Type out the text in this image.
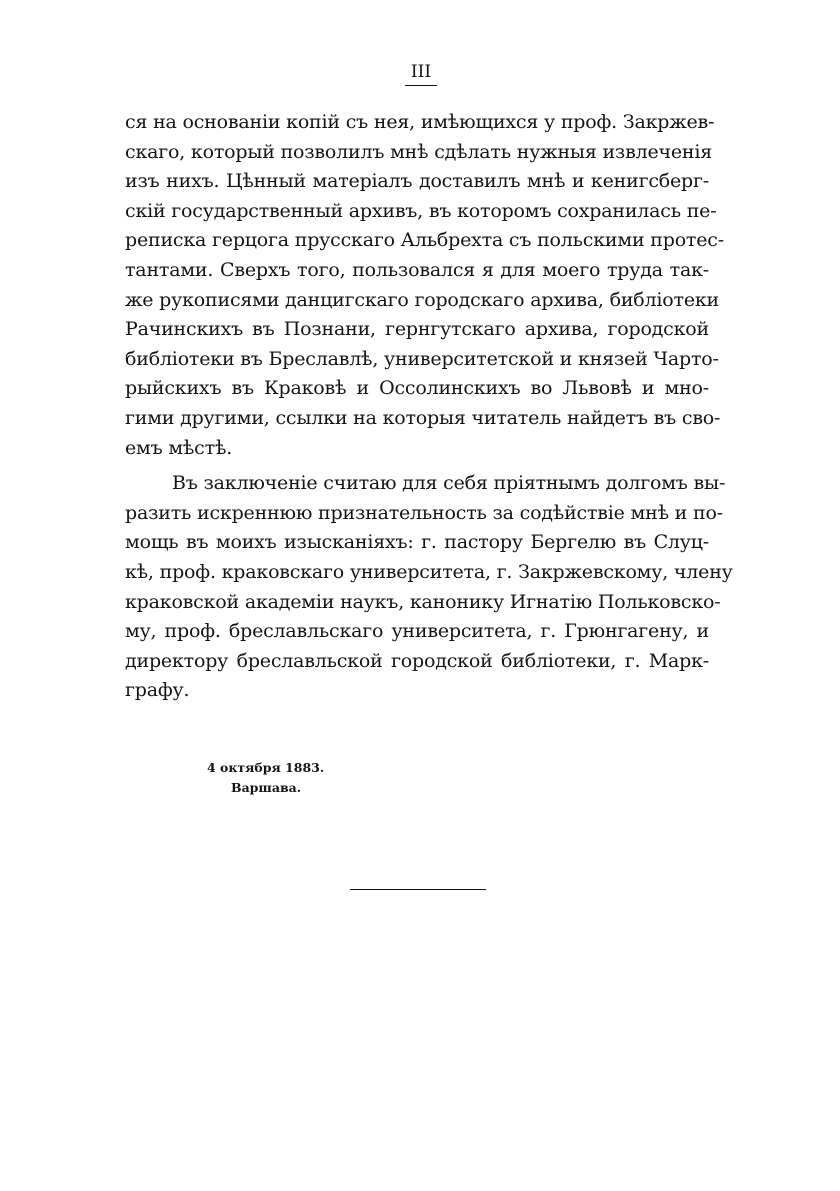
III
ся на основаніи копій съ нея, имѣющихся у проф. Закржев-
скаго, который позволилъ мнѣ сдѣлать нужныя извлеченія
изъ нихъ. Цѣнный матеріалъ доставилъ мнѣ и кенигсберг-
скій государственный архивъ, въ которомъ сохранилась пе-
реписка герцога прусскаго Альбрехта съ польскими протес-
тантами. Сверхъ того, пользовался я для моего труда так-
же рукописями данцигскаго городскаго архива, библіотеки
Рачинскихъ въ Познани, гернгутскаго архива, городской
библіотеки въ Бреславлѣ, университетской и князей Чарто-
рыйскихъ въ Краковѣ и Оссолинскихъ во Львовѣ и мно-
гими другими, ссылки на которыя читатель найдетъ въ сво-
емъ мѣстѣ.
Въ заключеніе считаю для себя пріятнымъ долгомъ вы-
разить искреннюю признательность за содѣйствіе мнѣ и по-
мощь въ моихъ изысканіяхъ: г. пастору Бергелю въ Слуц-
кѣ, проф. краковскаго университета, г. Закржевскому, члену
краковской академіи наукъ, канонику Игнатію Польковско-
му, проф. бреславльскаго университета, г. Грюнгагену, и
директору бреславльской городской библіотеки, г. Марк-
графу.
4 октября 1883.
Варшава.
